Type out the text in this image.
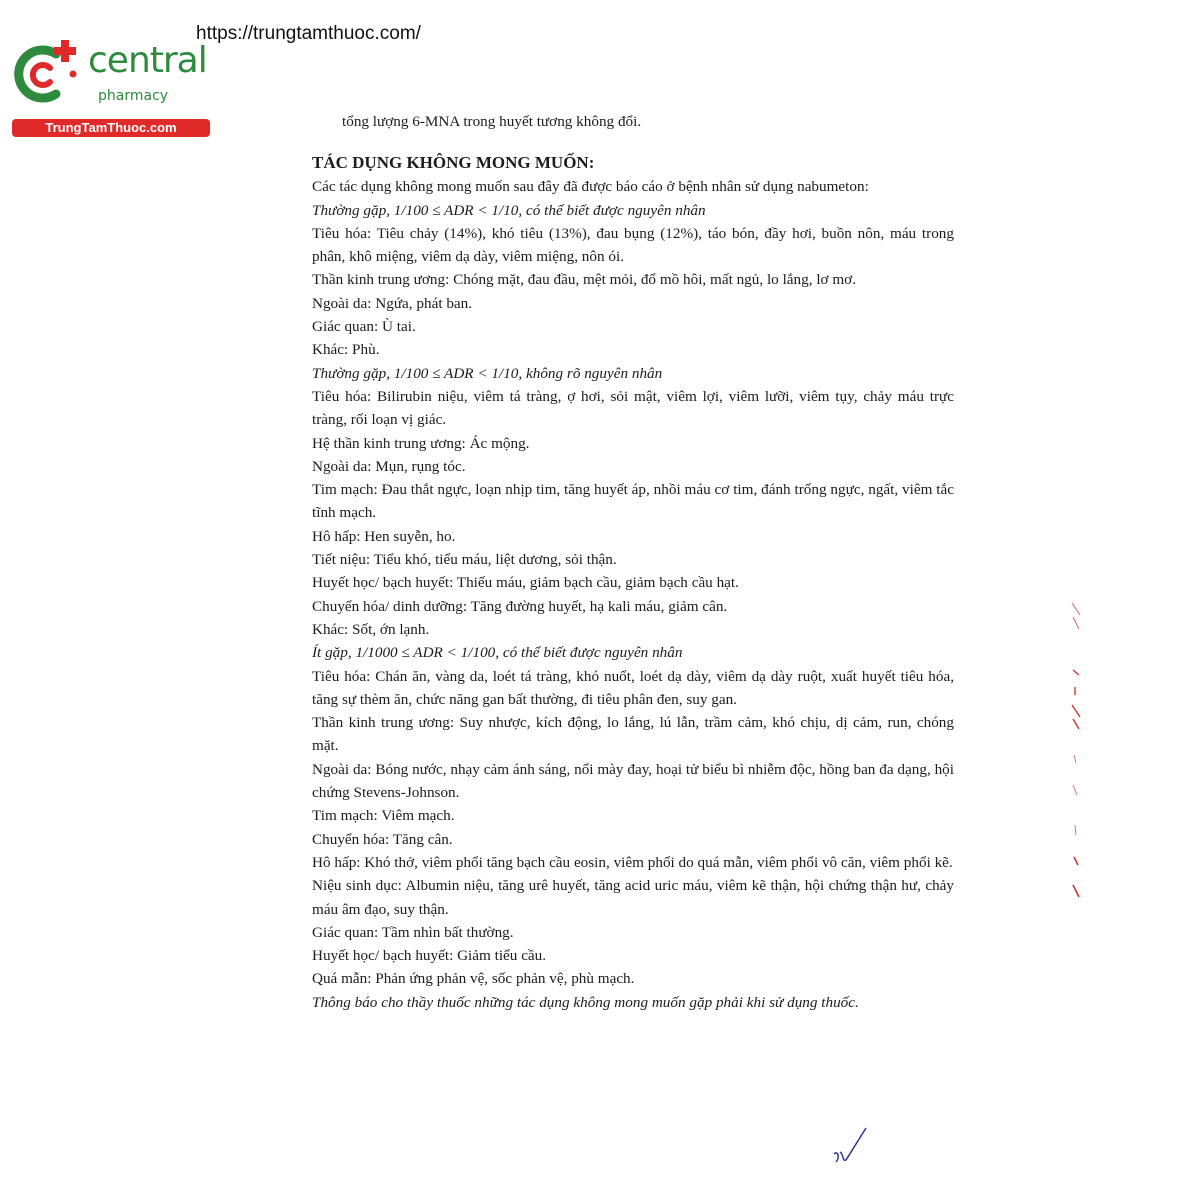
https://trungtamthuoc.com/
central
pharmacy
TrungTamThuoc.com	tổng lượng 6-MNA trong huyết tương không đổi.

TÁC DỤNG KHÔNG MONG MUỐN:

Các tác dụng không mong muốn sau đây đã được báo cáo ở bệnh nhân sử dụng nabumeton:

Thường gặp, 1/100 ≤ ADR < 1/10, có thể biết được nguyên nhân

Tiêu hóa: Tiêu chảy (14%), khó tiêu (13%), đau bụng (12%), táo bón, đầy hơi, buồn nôn, máu trong phân, khô miệng, viêm dạ dày, viêm miệng, nôn ói.

Thần kinh trung ương: Chóng mặt, đau đầu, mệt mỏi, đổ mồ hôi, mất ngủ, lo lắng, lơ mơ.

Ngoài da: Ngứa, phát ban.

Giác quan: Ù tai.

Khác: Phù.

Thường gặp, 1/100 ≤ ADR < 1/10, không rõ nguyên nhân

Tiêu hóa: Bilirubin niệu, viêm tá tràng, ợ hơi, sỏi mật, viêm lợi, viêm lưỡi, viêm tụy, chảy máu trực tràng, rối loạn vị giác.

Hệ thần kinh trung ương: Ác mộng.

Ngoài da: Mụn, rụng tóc.

Tim mạch: Đau thắt ngực, loạn nhịp tim, tăng huyết áp, nhồi máu cơ tim, đánh trống ngực, ngất, viêm tắc tĩnh mạch.

Hô hấp: Hen suyễn, ho.

Tiết niệu: Tiểu khó, tiểu máu, liệt dương, sỏi thận.

Huyết học/ bạch huyết: Thiếu máu, giảm bạch cầu, giảm bạch cầu hạt.

Chuyển hóa/ dinh dưỡng: Tăng đường huyết, hạ kali máu, giảm cân.

Khác: Sốt, ớn lạnh.

Ít gặp, 1/1000 ≤ ADR < 1/100, có thể biết được nguyên nhân

Tiêu hóa: Chán ăn, vàng da, loét tá tràng, khó nuốt, loét dạ dày, viêm dạ dày ruột, xuất huyết tiêu hóa, tăng sự thèm ăn, chức năng gan bất thường, đi tiêu phân đen, suy gan.

Thần kinh trung ương: Suy nhược, kích động, lo lắng, lú lẫn, trầm cảm, khó chịu, dị cảm, run, chóng mặt.

Ngoài da: Bóng nước, nhạy cảm ánh sáng, nổi mày đay, hoại tử biểu bì nhiễm độc, hồng ban đa dạng, hội chứng Stevens-Johnson.

Tim mạch: Viêm mạch.

Chuyển hóa: Tăng cân.

Hô hấp: Khó thở, viêm phổi tăng bạch cầu eosin, viêm phổi do quá mẫn, viêm phổi vô căn, viêm phổi kẽ.

Niệu sinh dục: Albumin niệu, tăng urê huyết, tăng acid uric máu, viêm kẽ thận, hội chứng thận hư, chảy máu âm đạo, suy thận.

Giác quan: Tầm nhìn bất thường.

Huyết học/ bạch huyết: Giảm tiểu cầu.

Quá mẫn: Phản ứng phản vệ, sốc phản vệ, phù mạch.

Thông báo cho thầy thuốc những tác dụng không mong muốn gặp phải khi sử dụng thuốc.
